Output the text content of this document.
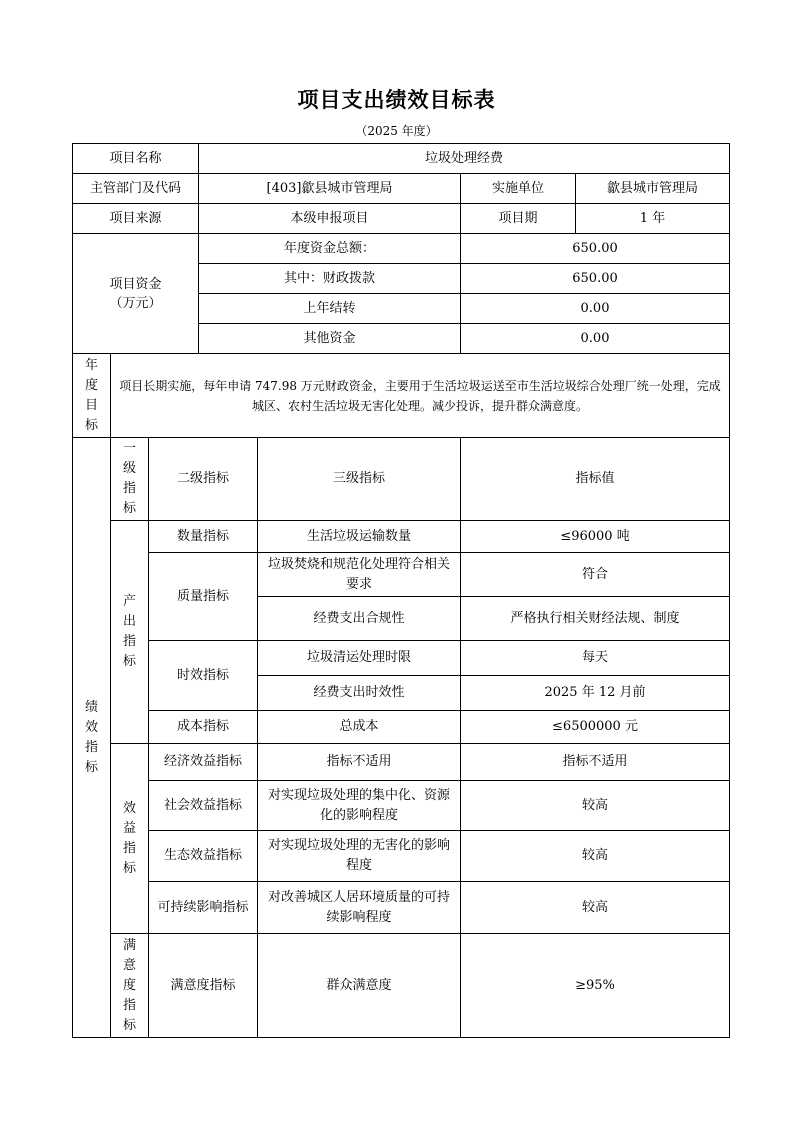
项目支出绩效目标表
（2025 年度）
项目名称			垃圾处理经费			
主管部门及代码			[403]歙县城市管理局		实施单位	歙县城市管理局
项目来源			本级申报项目		项目期	1 年

项目资金
（万元）			年度资金总额：		650.00	
			其中：财政拨款		650.00	
			上年结转		0.00	
			其他资金		0.00	

年度目标	项目长期实施，每年申请 747.98 万元财政资金，主要用于生活垃圾运送至市生活垃圾综合处理厂统一处理，完成城区、农村生活垃圾无害化处理。减少投诉，提升群众满意度。					

绩效指标	一级指标	二级指标		三级指标	指标值	

	产出指标	数量指标		生活垃圾运输数量	≤96000 吨	
		质量指标		垃圾焚烧和规范化处理符合相关要求	符合	
				经费支出合规性	严格执行相关财经法规、制度	
		时效指标		垃圾清运处理时限	每天	
				经费支出时效性	2025 年 12 月前	
		成本指标		总成本	≤6500000 元	

	效益指标	经济效益指标		指标不适用	指标不适用	
		社会效益指标		对实现垃圾处理的集中化、资源化的影响程度	较高	
		生态效益指标		对实现垃圾处理的无害化的影响程度	较高	
		可持续影响指标		对改善城区人居环境质量的可持续影响程度	较高	

	满意度指标	满意度指标		群众满意度	≥95%	
